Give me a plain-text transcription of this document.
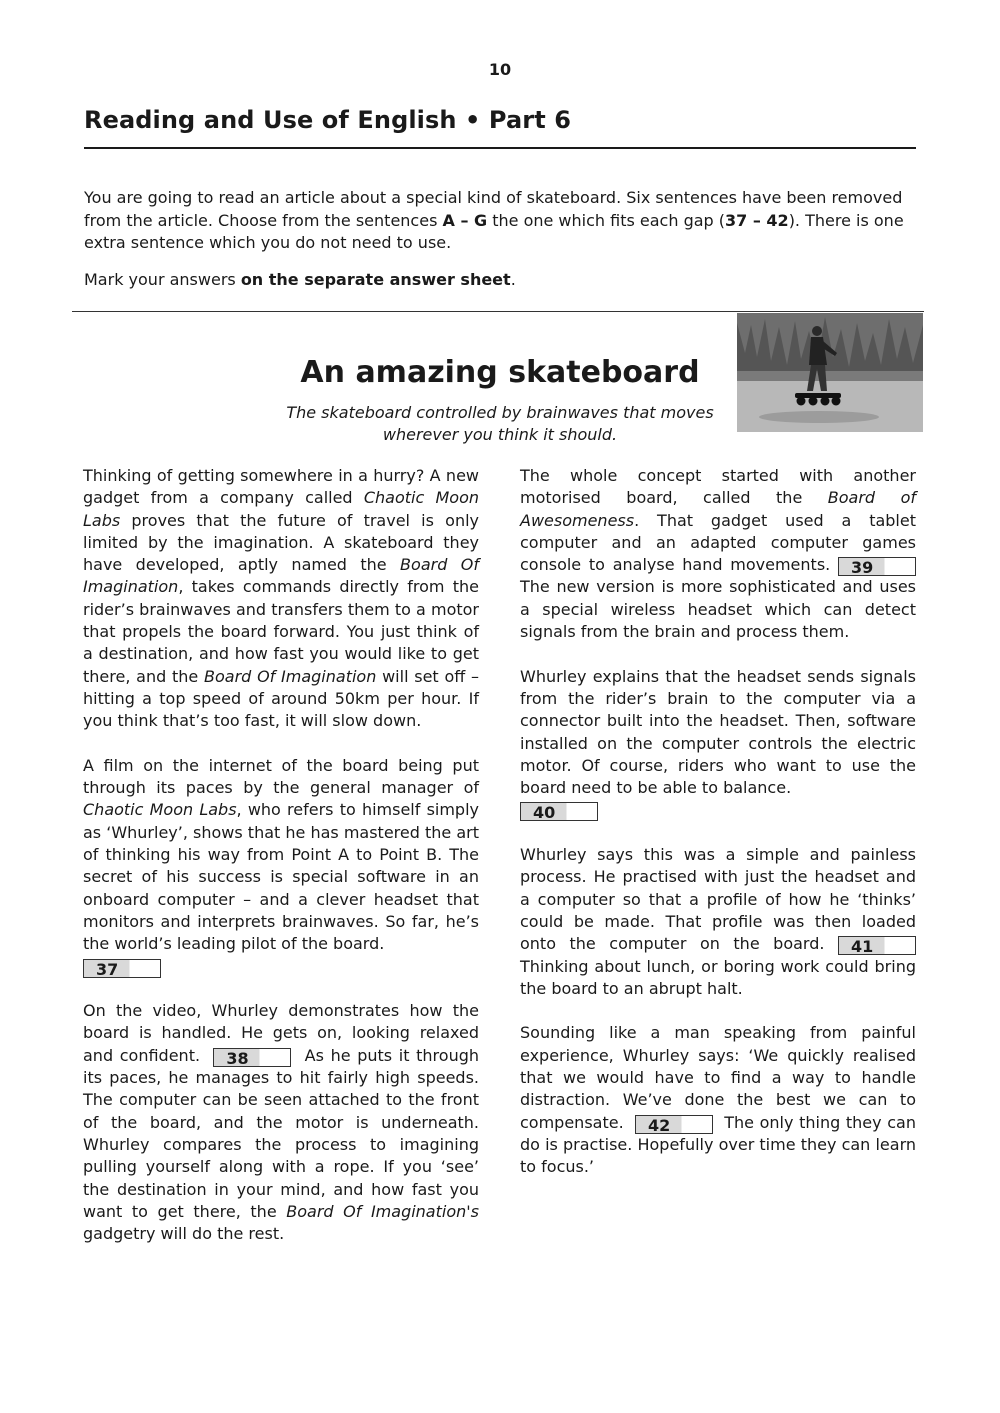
10
Reading and Use of English • Part 6

You are going to read an article about a special kind of skateboard. Six sentences have been removed from the article. Choose from the sentences A – G the one which fits each gap (37 – 42). There is one extra sentence which you do not need to use.

Mark your answers on the separate answer sheet.

An amazing skateboard
The skateboard controlled by brainwaves that moves
wherever you think it should.

Thinking of getting somewhere in a hurry? A new gadget from a company called Chaotic Moon Labs proves that the future of travel is only limited by the imagination. A skateboard they have developed, aptly named the Board Of Imagination, takes commands directly from the rider’s brainwaves and transfers them to a motor that propels the board forward. You just think of a destination, and how fast you would like to get there, and the Board Of Imagination will set off – hitting a top speed of around 50km per hour. If you think that’s too fast, it will slow down.

A film on the internet of the board being put through its paces by the general manager of Chaotic Moon Labs, who refers to himself simply as ‘Whurley’, shows that he has mastered the art of thinking his way from Point A to Point B. The secret of his success is special software in an onboard computer – and a clever headset that monitors and interprets brainwaves. So far, he’s the world’s leading pilot of the board.
37

On the video, Whurley demonstrates how the board is handled. He gets on, looking relaxed and confident. 38	As he puts it through its paces, he manages to hit fairly high speeds. The computer can be seen attached to the front of the board, and the motor is underneath. Whurley compares the process to imagining pulling yourself along with a rope. If you ‘see’ the destination in your mind, and how fast you want to get there, the Board Of Imagination's gadgetry will do the rest.

The whole concept started with another motorised board, called the Board of Awesomeness. That gadget used a tablet computer and an adapted computer games console to analyse hand movements. 39 The new version is more sophisticated and uses a special wireless headset which can detect signals from the brain and process them.

Whurley explains that the headset sends signals from the rider’s brain to the computer via a connector built into the headset. Then, software installed on the computer controls the electric motor. Of course, riders who want to use the board need to be able to balance.
40

Whurley says this was a simple and painless process. He practised with just the headset and a computer so that a profile of how he ‘thinks’ could be made. That profile was then loaded onto the computer on the board. 41 Thinking about lunch, or boring work could bring the board to an abrupt halt.

Sounding like a man speaking from painful experience, Whurley says: ‘We quickly realised that we would have to find a way to handle distraction. We’ve done the best we can to compensate. 42	The only thing they can do is practise. Hopefully over time they can learn to focus.’
